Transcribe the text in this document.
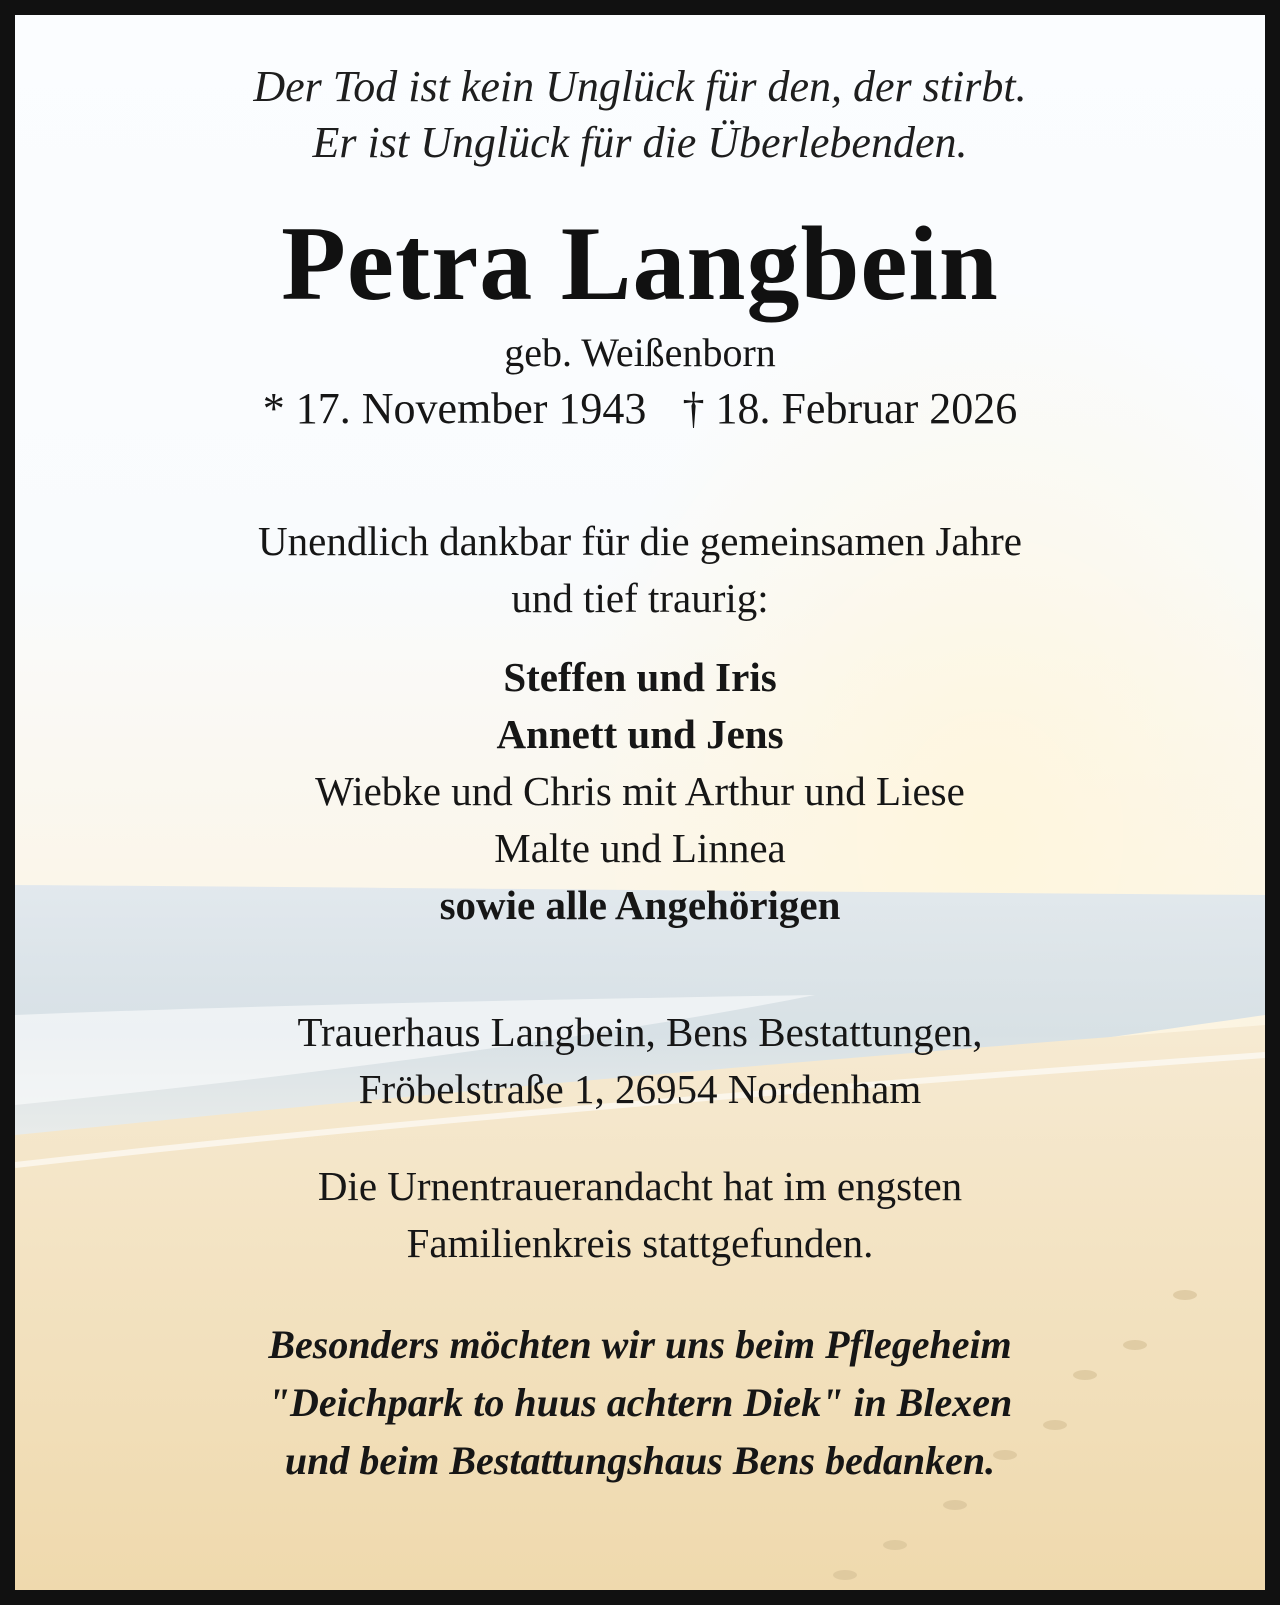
Der Tod ist kein Unglück für den, der stirbt.

Er ist Unglück für die Überlebenden.

Petra Langbein

geb. Weißenborn

* 17. November 1943 † 18. Februar 2026

Unendlich dankbar für die gemeinsamen Jahre

und tief traurig:

Steffen und Iris

Annett und Jens

Wiebke und Chris mit Arthur und Liese

Malte und Linnea

sowie alle Angehörigen

Trauerhaus Langbein, Bens Bestattungen,

Fröbelstraße 1, 26954 Nordenham

Die Urnentrauerandacht hat im engsten

Familienkreis stattgefunden.

Besonders möchten wir uns beim Pflegeheim

"Deichpark to huus achtern Diek" in Blexen

und beim Bestattungshaus Bens bedanken.
